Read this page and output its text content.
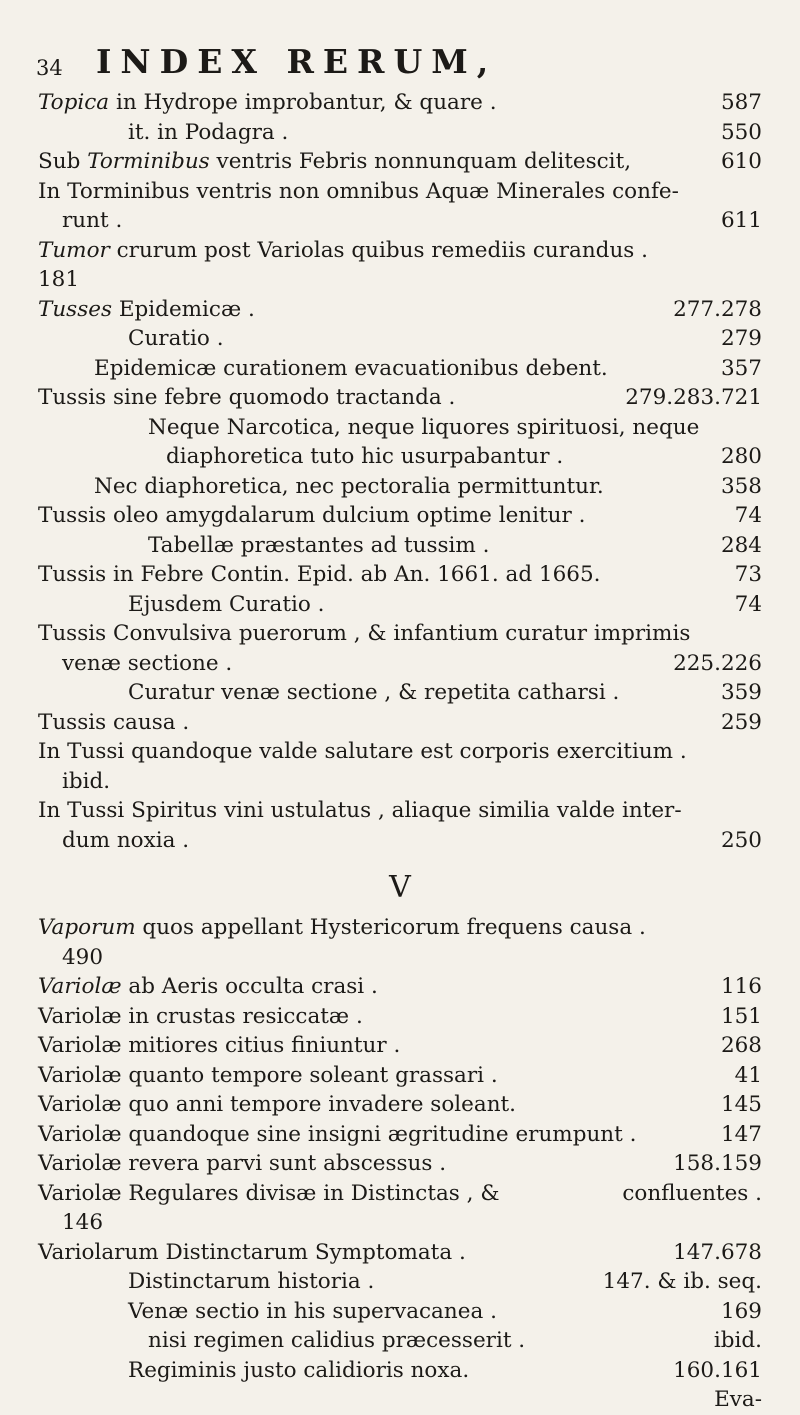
34 INDEX RERUM,
Topica in Hydrope improbantur, & quare .	587
it. in Podagra .	550
Sub Torminibus ventris Febris nonnunquam delitescit,	610
In Torminibus ventris non omnibus Aquæ Minerales confe-
runt .	611
Tumor crurum post Variolas quibus remediis curandus .
181
Tusses Epidemicæ .	277.278
Curatio .	279
Epidemicæ curationem evacuationibus debent.	357
Tussis sine febre quomodo tractanda .	279.283.721
Neque Narcotica, neque liquores spirituosi, neque
diaphoretica tuto hic usurpabantur .	280
Nec diaphoretica, nec pectoralia permittuntur.	358
Tussis oleo amygdalarum dulcium optime lenitur .	74
Tabellæ præstantes ad tussim .	284
Tussis in Febre Contin. Epid. ab An. 1661. ad 1665.	73
Ejusdem Curatio .	74
Tussis Convulsiva puerorum , & infantium curatur imprimis
venæ sectione .	225.226
Curatur venæ sectione , & repetita catharsi .	359
Tussis causa .	259
In Tussi quandoque valde salutare est corporis exercitium .
ibid.
In Tussi Spiritus vini ustulatus , aliaque similia valde inter-
dum noxia .	250
V
Vaporum quos appellant Hystericorum frequens causa .
490
Variolæ ab Aeris occulta crasi .	116
Variolæ in crustas resiccatæ .	151
Variolæ mitiores citius finiuntur .	268
Variolæ quanto tempore soleant grassari .	41
Variolæ quo anni tempore invadere soleant.	145
Variolæ quandoque sine insigni ægritudine erumpunt .	147
Variolæ revera parvi sunt abscessus .	158.159
Variolæ Regulares divisæ in Distinctas , &	confluentes .
146
Variolarum Distinctarum Symptomata .	147.678
Distinctarum historia .	147. & ib. seq.
Venæ sectio in his supervacanea .	169
nisi regimen calidius præcesserit .	ibid.
Regiminis justo calidioris noxa.	160.161
Eva-
